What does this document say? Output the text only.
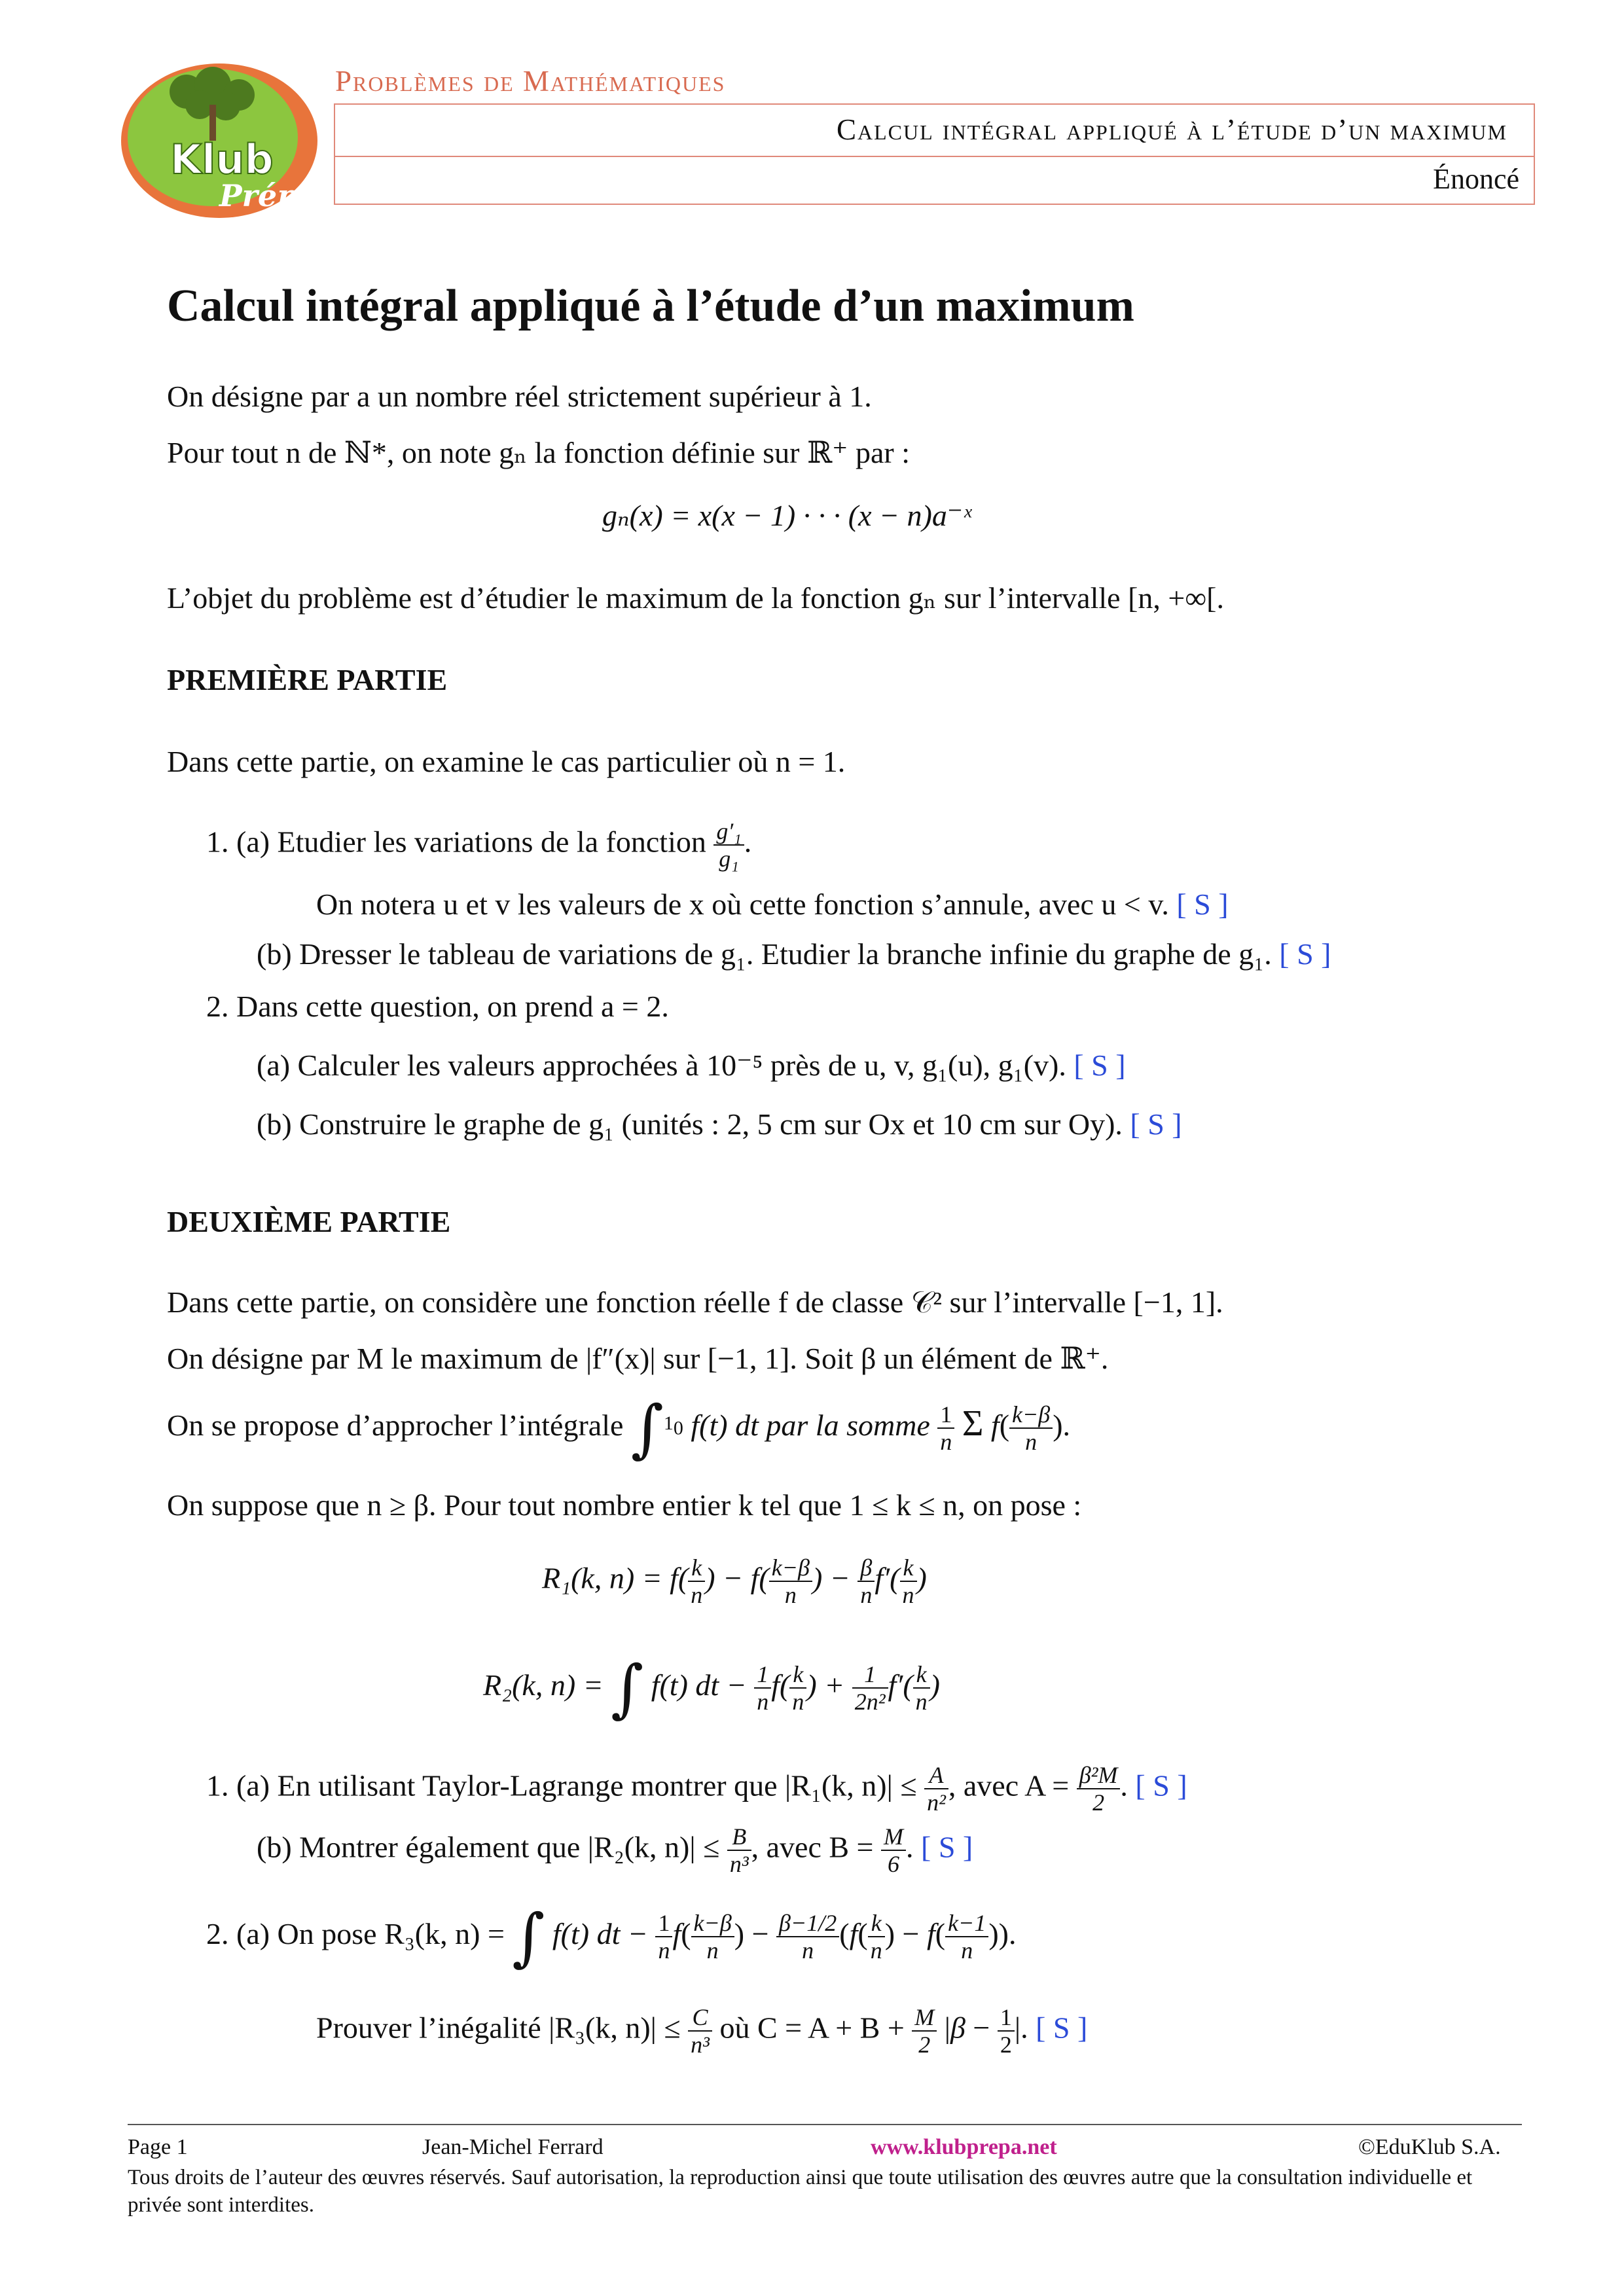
Klub
Prépa
Problèmes de Mathématiques
Calcul intégral appliqué à l’étude d’un maximum
Énoncé
Calcul intégral appliqué à l’étude d’un maximum
On désigne par a un nombre réel strictement supérieur à 1.
Pour tout n de ℕ*, on note gₙ la fonction définie sur ℝ⁺ par :
gₙ(x) = x(x − 1) · · · (x − n)a⁻ˣ
L’objet du problème est d’étudier le maximum de la fonction gₙ sur l’intervalle [n, +∞[.
PREMIÈRE PARTIE
Dans cette partie, on examine le cas particulier où n = 1.
1. (a) Etudier les variations de la fonction $\frac{\text{g′₁}}{\text{g₁}}$ .
On notera u et v les valeurs de x où cette fonction s’annule, avec u < v. [ S ]
(b) Dresser le tableau de variations de g₁. Etudier la branche infinie du graphe de g₁. [ S ]
2. Dans cette question, on prend a = 2.
(a) Calculer les valeurs approchées à 10⁻⁵ près de u, v, g₁(u), g₁(v). [ S ]
(b) Construire le graphe de g₁ (unités : 2, 5 cm sur Ox et 10 cm sur Oy). [ S ]
DEUXIÈME PARTIE
Dans cette partie, on considère une fonction réelle f de classe 𝒞² sur l’intervalle [−1, 1].
On désigne par M le maximum de |f″(x)| sur [−1, 1]. Soit β un élément de ℝ⁺.
On se propose d’approcher l’intégrale ∫$^1$0 f(t) dt par la somme $\frac{1}{n}$ Σ $f( \frac{k-\beta}{n}$ ).
On suppose que n ≥ β. Pour tout nombre entier k tel que 1 ≤ k ≤ n, on pose :
R₁(k, $n) = f( \frac{k}{n}$ ) − $f( \frac{k-\beta}{n}$ ) − $\frac{\beta}{n} f'( \frac{k}{n}$ )
R₂(k, n) = ∫ f(t) dt − $\frac{1}{n} f( \frac{k}{n}$ ) + $\frac{1}{\text{2n²}} f'( \frac{k}{n}$ )
1. (a) En utilisant Taylor-Lagrange montrer que |R₁(k, $n)| \le \frac{A}{\text{n²}}$ , avec $A = \frac{\text{β²M}}{2}$ . [ S ]
(b) Montrer également que |R₂(k, $n)| \le \frac{B}{\text{n³}}$ , avec $B = \frac{M}{6}$ . [ S ]
2. (a) On pose R₃(k, n) = ∫ f(t) dt − $\frac{1}{n} f( \frac{k-\beta}{n}$ ) − $\frac{\beta-1/2}{n} (f( \frac{k}{n}$ ) − $f( \frac{k-1}{n}$ )).
Prouver l’inégalité |R₃(k, $n)| \le \frac{C}{\text{n³}}$ où $C = A + B + \frac{M}{2} |\beta - \frac{1}{2}$ |. [ S ]
Page 1	Jean-Michel Ferrard	www.klubprepa.net	©EduKlub S.A.
Tous droits de l’auteur des œuvres réservés. Sauf autorisation, la reproduction ainsi que toute utilisation des œuvres autre que la consultation individuelle et privée sont interdites.
